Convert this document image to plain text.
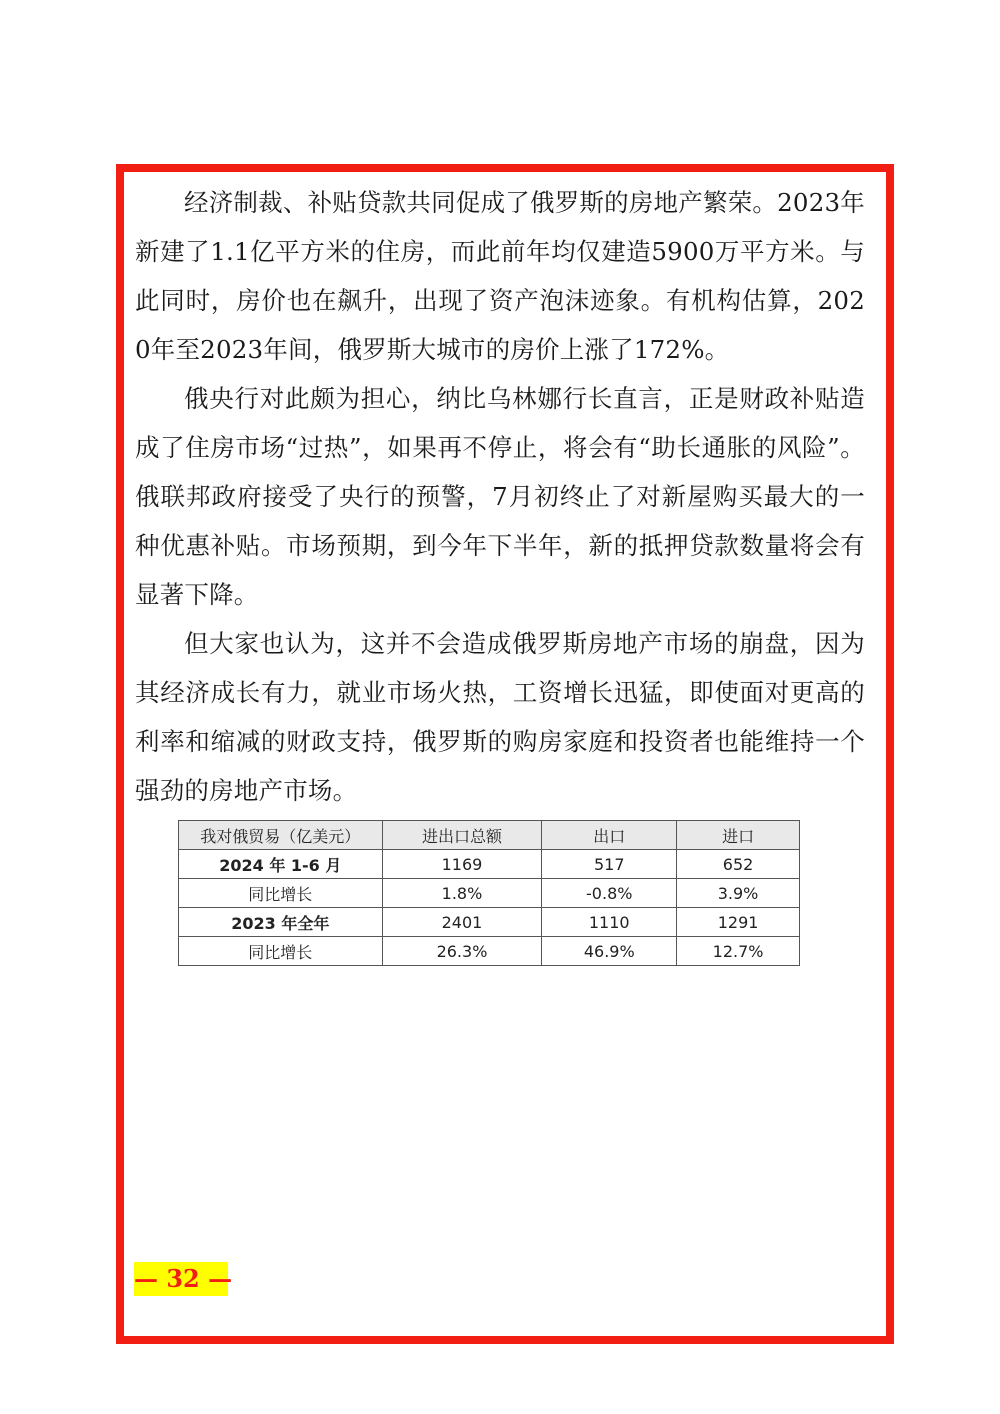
经济制裁、补贴贷款共同促成了俄罗斯的房地产繁荣。2023年新建了1.1亿平方米的住房，而此前年均仅建造5900万平方米。与此同时，房价也在飙升，出现了资产泡沫迹象。有机构估算，2020年至2023年间，俄罗斯大城市的房价上涨了172%。

俄央行对此颇为担心，纳比乌林娜行长直言，正是财政补贴造成了住房市场“过热”，如果再不停止，将会有“助长通胀的风险”。俄联邦政府接受了央行的预警，7月初终止了对新屋购买最大的一种优惠补贴。市场预期，到今年下半年，新的抵押贷款数量将会有显著下降。

但大家也认为，这并不会造成俄罗斯房地产市场的崩盘，因为其经济成长有力，就业市场火热，工资增长迅猛，即使面对更高的利率和缩减的财政支持，俄罗斯的购房家庭和投资者也能维持一个强劲的房地产市场。

我对俄贸易（亿美元）	进出口总额	出口	进口
2024 年 1-6 月	1169	517	652
同比增长	1.8%	-0.8%	3.9%
2023 年全年	2401	1110	1291
同比增长	26.3%	46.9%	12.7%
— 32 —
